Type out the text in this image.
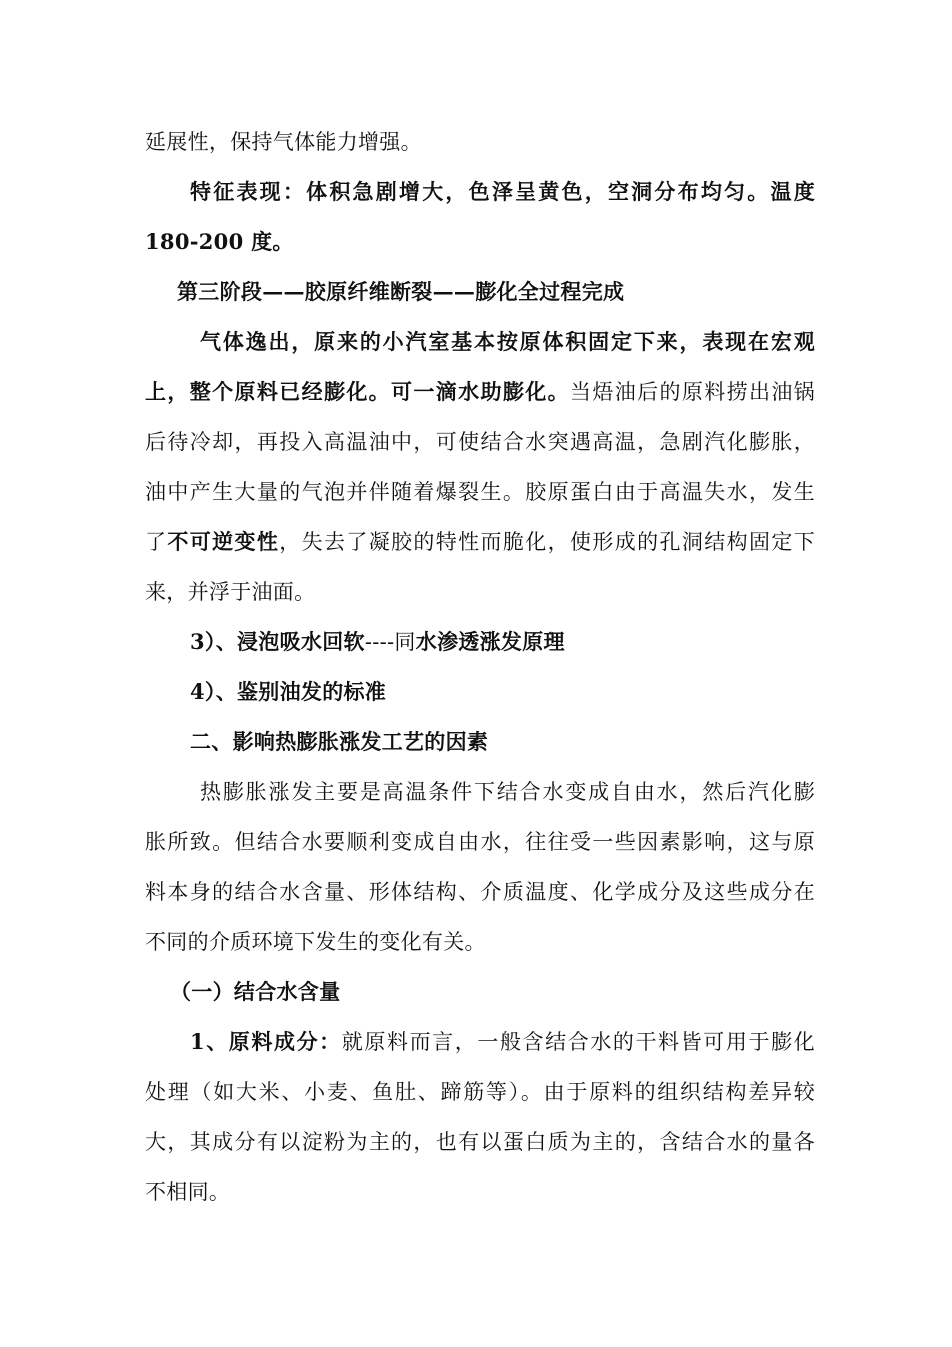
延展性，保持气体能力增强。
特征表现：体积急剧增大，色泽呈黄色，空洞分布均匀。温度
180-200 度。
第三阶段——胶原纤维断裂——膨化全过程完成
气体逸出，原来的小汽室基本按原体积固定下来，表现在宏观
上，整个原料已经膨化。可一滴水助膨化。当焐油后的原料捞出油锅
后待冷却，再投入高温油中，可使结合水突遇高温，急剧汽化膨胀，
油中产生大量的气泡并伴随着爆裂生。胶原蛋白由于高温失水，发生
了不可逆变性，失去了凝胶的特性而脆化，使形成的孔洞结构固定下
来，并浮于油面。
3）、浸泡吸水回软----同水渗透涨发原理
4）、鉴别油发的标准
二、影响热膨胀涨发工艺的因素
热膨胀涨发主要是高温条件下结合水变成自由水，然后汽化膨
胀所致。但结合水要顺利变成自由水，往往受一些因素影响，这与原
料本身的结合水含量、形体结构、介质温度、化学成分及这些成分在
不同的介质环境下发生的变化有关。
（一）结合水含量
1、原料成分：就原料而言，一般含结合水的干料皆可用于膨化
处理（如大米、小麦、鱼肚、蹄筋等）。由于原料的组织结构差异较
大，其成分有以淀粉为主的，也有以蛋白质为主的，含结合水的量各
不相同。
